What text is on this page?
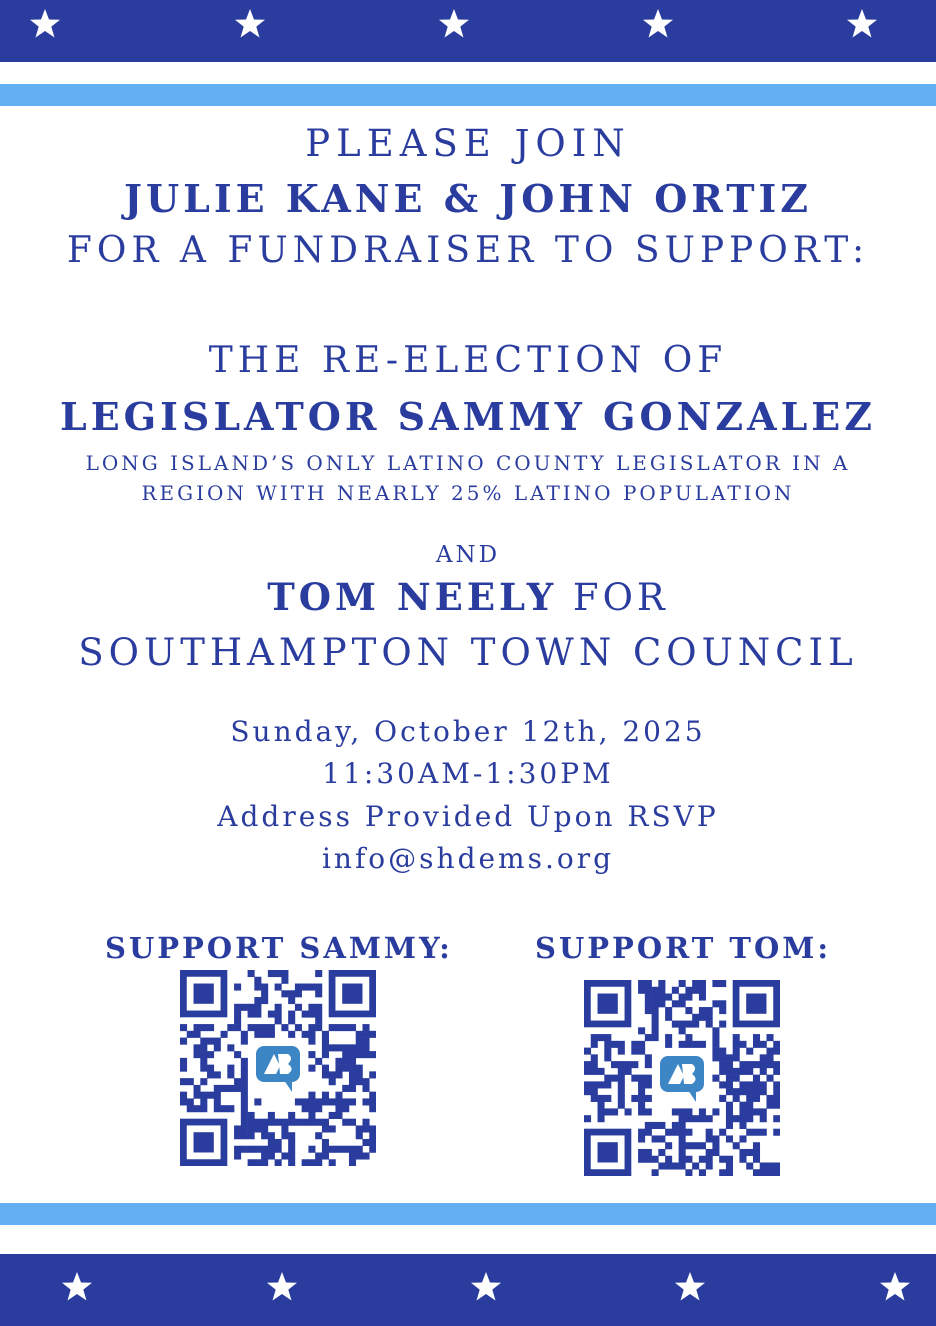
PLEASE JOIN
JULIE KANE & JOHN ORTIZ
FOR A FUNDRAISER TO SUPPORT:
THE RE-ELECTION OF
LEGISLATOR SAMMY GONZALEZ
LONG ISLAND’S ONLY LATINO COUNTY LEGISLATOR IN A
REGION WITH NEARLY 25% LATINO POPULATION
AND
TOM NEELY FOR
SOUTHAMPTON TOWN COUNCIL
Sunday, October 12th, 2025
11:30AM-1:30PM
Address Provided Upon RSVP
info@shdems.org
SUPPORT SAMMY:	SUPPORT TOM:
